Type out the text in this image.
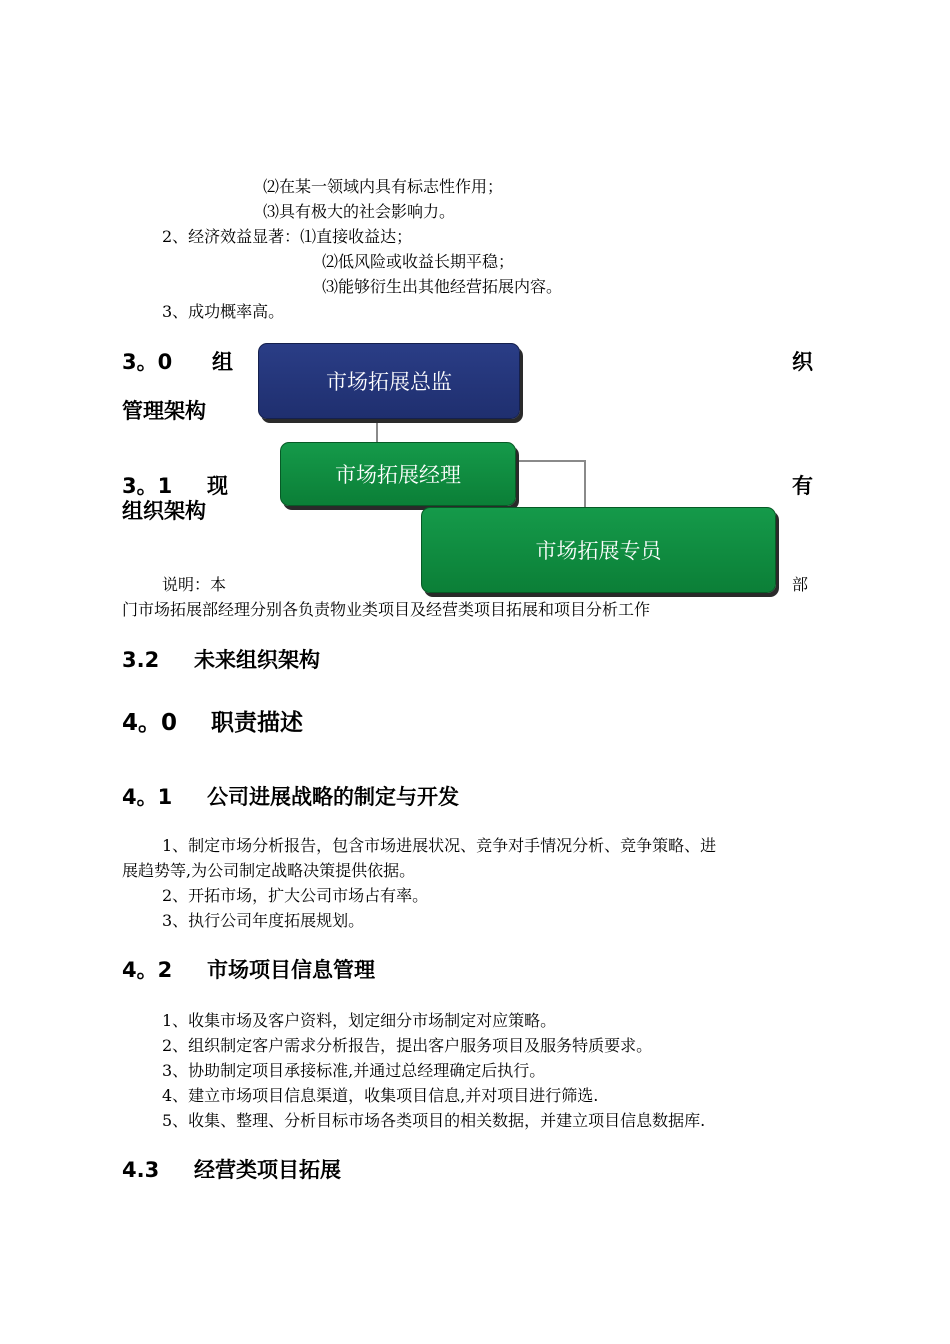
⑵在某一领域内具有标志性作用；
⑶具有极大的社会影响力。
2、经济效益显著：⑴直接收益达；
⑵低风险或收益长期平稳；
⑶能够衍生出其他经营拓展内容。
3、成功概率高。
3。0 组	织
管理架构
3。1 现	有
组织架构
市场拓展总监
市场拓展经理
市场拓展专员
说明：本	部
门市场拓展部经理分别各负责物业类项目及经营类项目拓展和项目分析工作
3.2 未来组织架构
4。0 职责描述
4。1 公司进展战略的制定与开发
1、制定市场分析报告，包含市场进展状况、竞争对手情况分析、竞争策略、进
展趋势等,为公司制定战略决策提供依据。
2、开拓市场，扩大公司市场占有率。
3、执行公司年度拓展规划。
4。2 市场项目信息管理
1、收集市场及客户资料，划定细分市场制定对应策略。
2、组织制定客户需求分析报告，提出客户服务项目及服务特质要求。
3、协助制定项目承接标准,并通过总经理确定后执行。
4、建立市场项目信息渠道，收集项目信息,并对项目进行筛选.
5、收集、整理、分析目标市场各类项目的相关数据，并建立项目信息数据库.
4.3 经营类项目拓展
